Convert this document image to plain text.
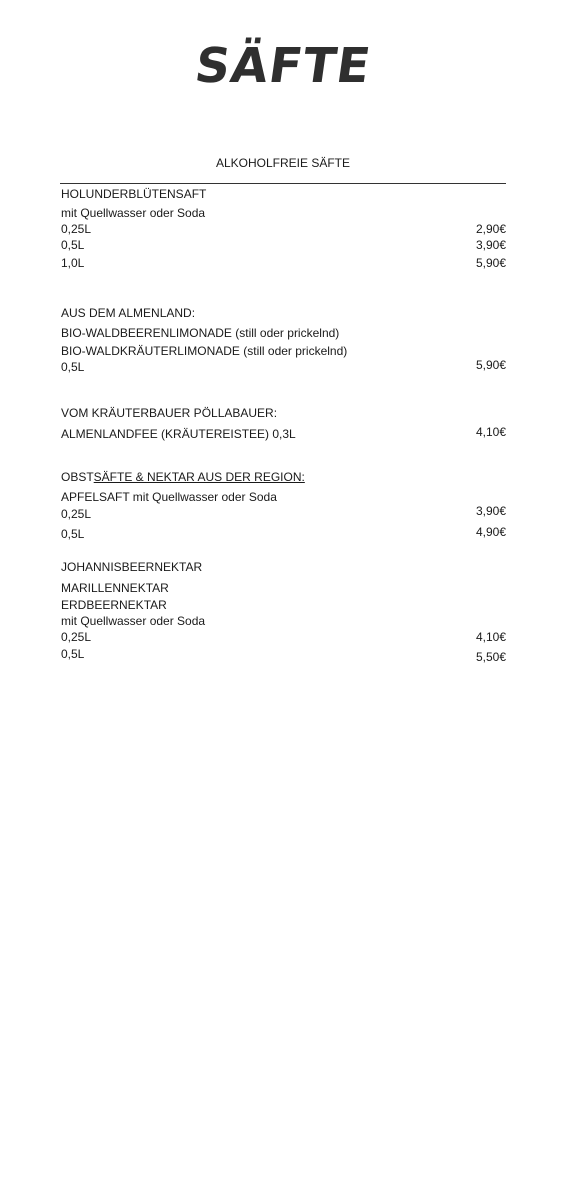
SÄFTE
ALKOHOLFREIE SÄFTE
HOLUNDERBLÜTENSAFT
mit Quellwasser oder Soda
0,25L	2,90€
0,5L	3,90€
1,0L	5,90€
AUS DEM ALMENLAND:
BIO-WALDBEERENLIMONADE (still oder prickelnd)
BIO-WALDKRÄUTERLIMONADE (still oder prickelnd)
0,5L	5,90€
VOM KRÄUTERBAUER PÖLLABAUER:
ALMENLANDFEE (KRÄUTEREISTEE) 0,3L	4,10€
OBSTSÄFTE & NEKTAR AUS DER REGION:
APFELSAFT mit Quellwasser oder Soda
0,25L	3,90€
0,5L	4,90€
JOHANNISBEERNEKTAR
MARILLENNEKTAR
ERDBEERNEKTAR
mit Quellwasser oder Soda
0,25L	4,10€
0,5L	5,50€
